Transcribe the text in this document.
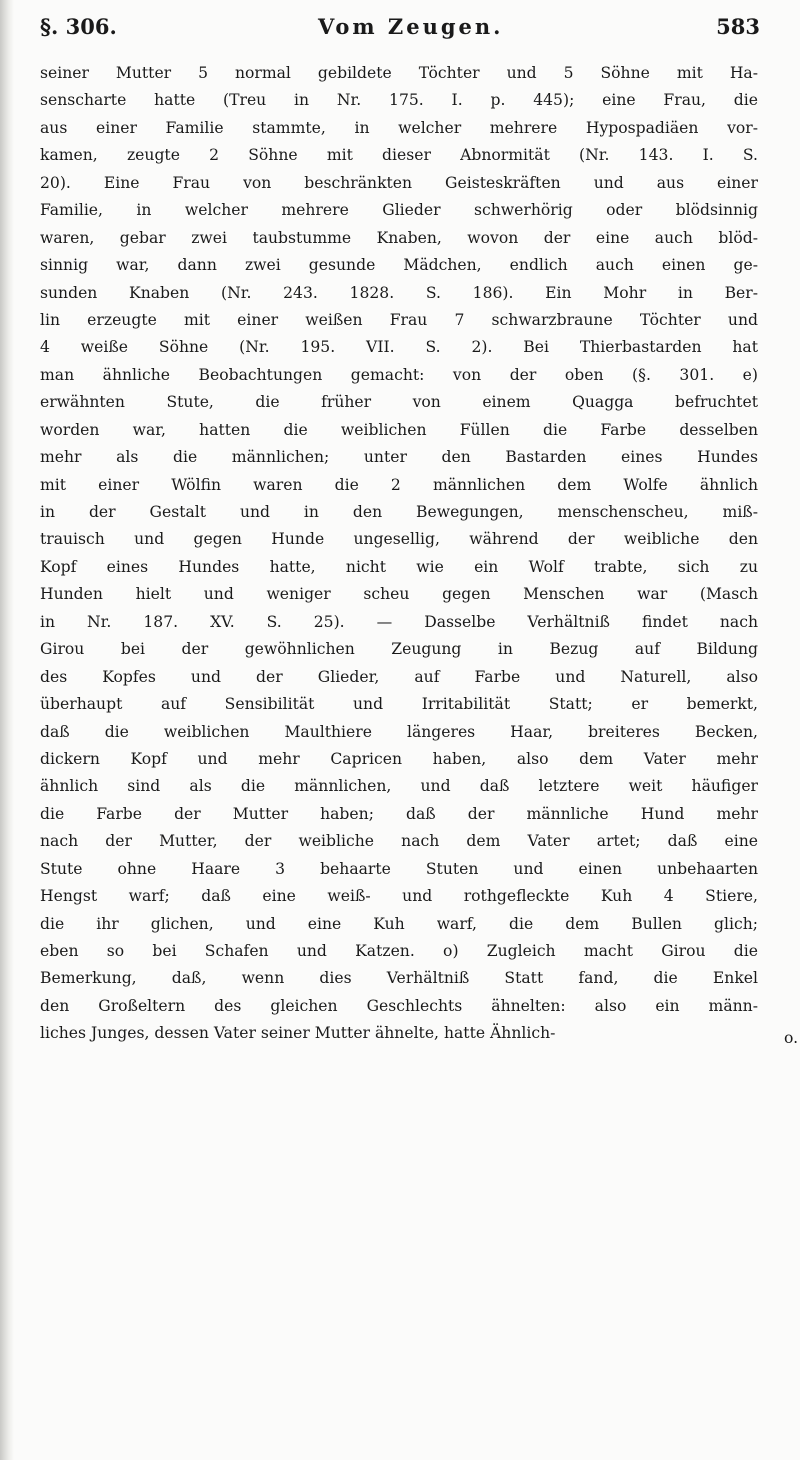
§. 306.	Vom Zeugen.	583
seiner Mutter 5 normal gebildete Töchter und 5 Söhne mit Ha-
senscharte hatte (Treu in Nr. 175. I. p. 445); eine Frau, die
aus einer Familie stammte, in welcher mehrere Hypospadiäen vor-
kamen, zeugte 2 Söhne mit dieser Abnormität (Nr. 143. I. S.
20). Eine Frau von beschränkten Geisteskräften und aus einer
Familie, in welcher mehrere Glieder schwerhörig oder blödsinnig
waren, gebar zwei taubstumme Knaben, wovon der eine auch blöd-
sinnig war, dann zwei gesunde Mädchen, endlich auch einen ge-
sunden Knaben (Nr. 243. 1828. S. 186). Ein Mohr in Ber-
lin erzeugte mit einer weißen Frau 7 schwarzbraune Töchter und
4 weiße Söhne (Nr. 195. VII. S. 2). Bei Thierbastarden hat
man ähnliche Beobachtungen gemacht: von der oben (§. 301. e)
erwähnten Stute, die früher von einem Quagga befruchtet
worden war, hatten die weiblichen Füllen die Farbe desselben
mehr als die männlichen; unter den Bastarden eines Hundes
mit einer Wölfin waren die 2 männlichen dem Wolfe ähnlich
in der Gestalt und in den Bewegungen, menschenscheu, miß-
trauisch und gegen Hunde ungesellig, während der weibliche den
Kopf eines Hundes hatte, nicht wie ein Wolf trabte, sich zu
Hunden hielt und weniger scheu gegen Menschen war (Masch
in Nr. 187. XV. S. 25). — Dasselbe Verhältniß findet nach
Girou bei der gewöhnlichen Zeugung in Bezug auf Bildung
des Kopfes und der Glieder, auf Farbe und Naturell, also
überhaupt auf Sensibilität und Irritabilität Statt; er bemerkt,
daß die weiblichen Maulthiere längeres Haar, breiteres Becken,
dickern Kopf und mehr Capricen haben, also dem Vater mehr
ähnlich sind als die männlichen, und daß letztere weit häufiger
die Farbe der Mutter haben; daß der männliche Hund mehr
nach der Mutter, der weibliche nach dem Vater artet; daß eine
Stute ohne Haare 3 behaarte Stuten und einen unbehaarten
Hengst warf; daß eine weiß- und rothgefleckte Kuh 4 Stiere,
die ihr glichen, und eine Kuh warf, die dem Bullen glich;
eben so bei Schafen und Katzen. o) Zugleich macht Girou die
Bemerkung, daß, wenn dies Verhältniß Statt fand, die Enkel
den Großeltern des gleichen Geschlechts ähnelten: also ein männ-
liches Junges, dessen Vater seiner Mutter ähnelte, hatte Ähnlich-	o.
